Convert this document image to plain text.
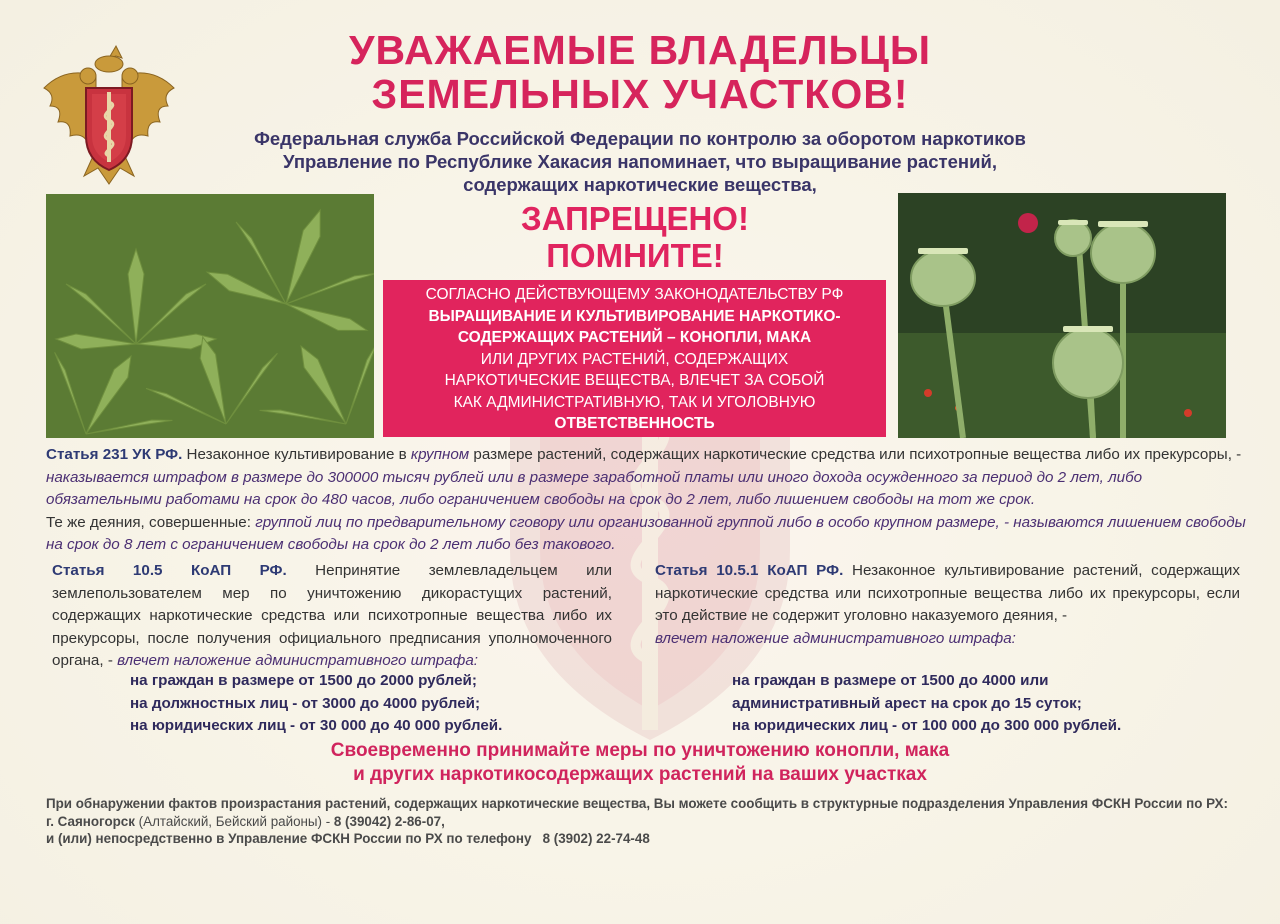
УВАЖАЕМЫЕ ВЛАДЕЛЬЦЫ
ЗЕМЕЛЬНЫХ УЧАСТКОВ!
Федеральная служба Российской Федерации по контролю за оборотом наркотиков
Управление по Республике Хакасия напоминает, что выращивание растений,
содержащих наркотические вещества,
ЗАПРЕЩЕНО!
ПОМНИТЕ!
СОГЛАСНО ДЕЙСТВУЮЩЕМУ ЗАКОНОДАТЕЛЬСТВУ РФ
ВЫРАЩИВАНИЕ И КУЛЬТИВИРОВАНИЕ НАРКОТИКО-
СОДЕРЖАЩИХ РАСТЕНИЙ – КОНОПЛИ, МАКА
ИЛИ ДРУГИХ РАСТЕНИЙ, СОДЕРЖАЩИХ
НАРКОТИЧЕСКИЕ ВЕЩЕСТВА, ВЛЕЧЕТ ЗА СОБОЙ
КАК АДМИНИСТРАТИВНУЮ, ТАК И УГОЛОВНУЮ
ОТВЕТСТВЕННОСТЬ
Статья 231 УК РФ. Незаконное культивирование в крупном размере растений, содержащих наркотические средства или психотропные вещества либо их прекурсоры, - наказывается штрафом в размере до 300000 тысяч рублей или в размере заработной платы или иного дохода осужденного за период до 2 лет, либо обязательными работами на срок до 480 часов, либо ограничением свободы на срок до 2 лет, либо лишением свободы на тот же срок.
Те же деяния, совершенные: группой лиц по предварительному сговору или организованной группой либо в особо крупном размере, - называются лишением свободы на срок до 8 лет с ограничением свободы на срок до 2 лет либо без такового.
Статья 10.5 КоАП РФ. Непринятие землевладельцем или землепользователем мер по уничтожению дикорастущих растений, содержащих наркотические средства или психотропные вещества либо их прекурсоры, после получения официального предписания уполномоченного органа, - влечет наложение административного штрафа:
на граждан в размере от 1500 до 2000 рублей;
на должностных лиц - от 3000 до 4000 рублей;
на юридических лиц - от 30 000 до 40 000 рублей.
Статья 10.5.1 КоАП РФ. Незаконное культивирование растений, содержащих наркотические средства или психотропные вещества либо их прекурсоры, если это действие не содержит уголовно наказуемого деяния, -
влечет наложение административного штрафа:
на граждан в размере от 1500 до 4000 или
административный арест на срок до 15 суток;
на юридических лиц - от 100 000 до 300 000 рублей.
Своевременно принимайте меры по уничтожению конопли, мака
и других наркотикосодержащих растений на ваших участках
При обнаружении фактов произрастания растений, содержащих наркотические вещества, Вы можете сообщить в структурные подразделения Управления ФСКН России по РХ:
г. Саяногорск (Алтайский, Бейский районы) - 8 (39042) 2-86-07,
и (или) непосредственно в Управление ФСКН России по РХ по телефону 8 (3902) 22-74-48
